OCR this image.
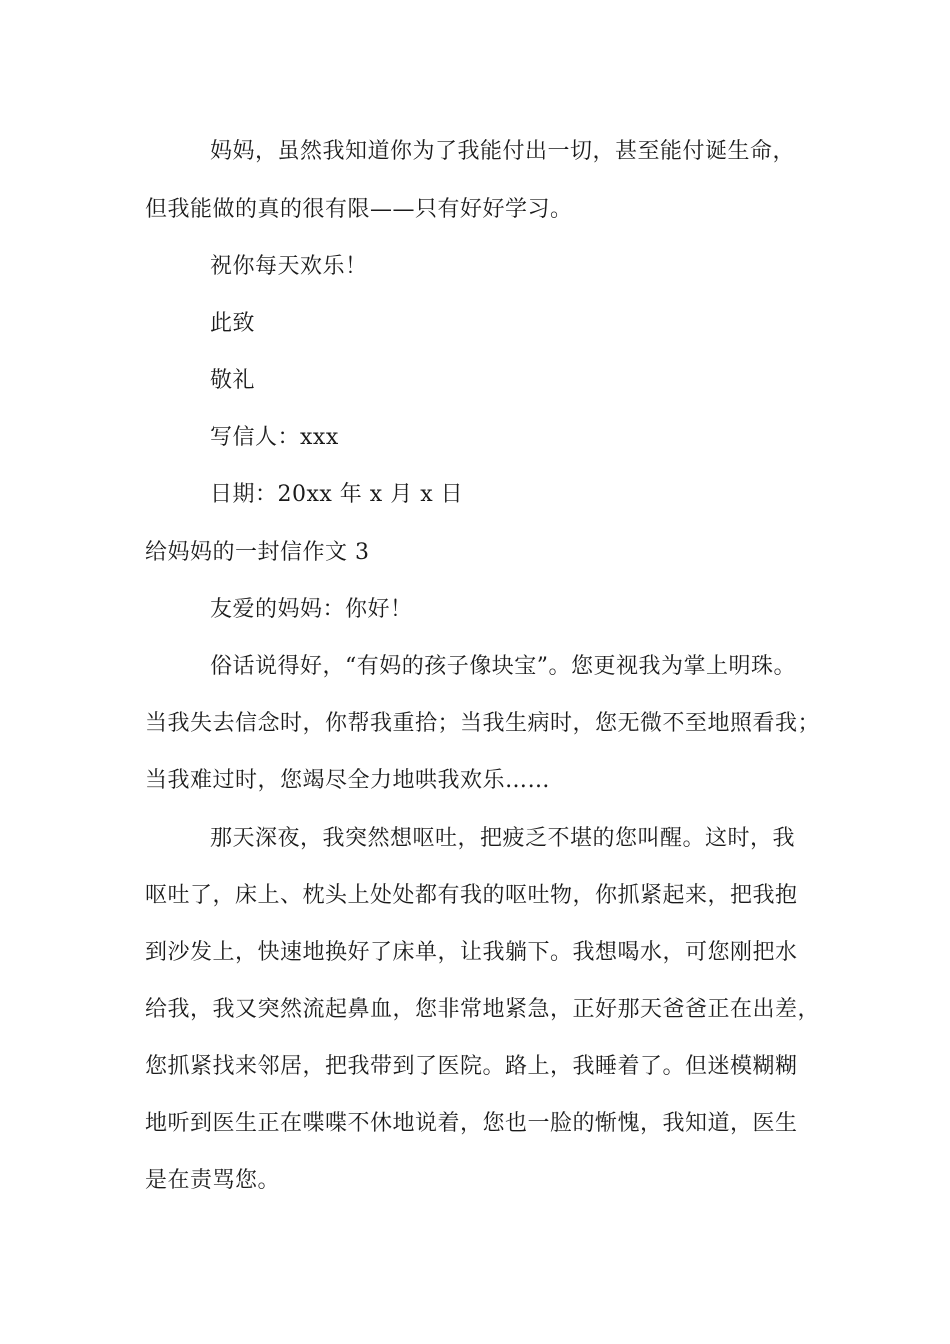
妈妈，虽然我知道你为了我能付出一切，甚至能付诞生命，
但我能做的真的很有限——只有好好学习。
祝你每天欢乐！
此致
敬礼
写信人：xxx
日期：20xx 年 x 月 x 日
给妈妈的一封信作文 3
友爱的妈妈：你好！
俗话说得好，“有妈的孩子像块宝”。您更视我为掌上明珠。
当我失去信念时，你帮我重拾；当我生病时，您无微不至地照看我；
当我难过时，您竭尽全力地哄我欢乐……
那天深夜，我突然想呕吐，把疲乏不堪的您叫醒。这时，我
呕吐了，床上、枕头上处处都有我的呕吐物，你抓紧起来，把我抱
到沙发上，快速地换好了床单，让我躺下。我想喝水，可您刚把水
给我，我又突然流起鼻血，您非常地紧急，正好那天爸爸正在出差，
您抓紧找来邻居，把我带到了医院。路上，我睡着了。但迷模糊糊
地听到医生正在喋喋不休地说着，您也一脸的惭愧，我知道，医生
是在责骂您。
